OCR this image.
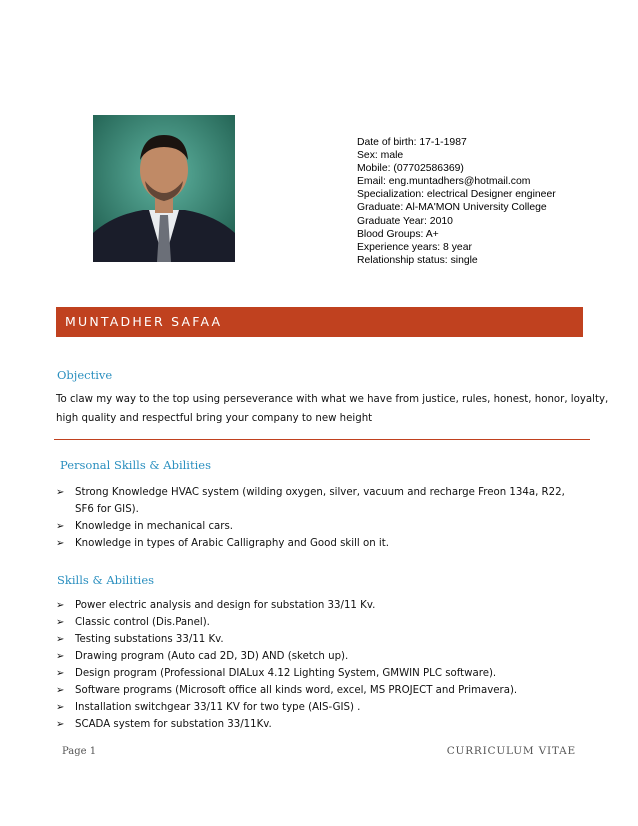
Date of birth: 17-1-1987
Sex: male
Mobile: (07702586369)
Email: eng.muntadhers@hotmail.com
Specialization: electrical Designer engineer
Graduate: Al-MA'MON University College
Graduate Year: 2010
Blood Groups: A+
Experience years: 8 year
Relationship status: single
MUNTADHER SAFAA
Objective
To claw my way to the top using perseverance with what we have from justice, rules, honest, honor, loyalty,
high quality and respectful bring your company to new height
Personal Skills & Abilities
➢ Strong Knowledge HVAC system (wilding oxygen, silver, vacuum and recharge Freon 134a, R22, SF6 for GIS).
➢ Knowledge in mechanical cars.
➢ Knowledge in types of Arabic Calligraphy and Good skill on it.
Skills & Abilities
➢ Power electric analysis and design for substation 33/11 Kv.
➢ Classic control (Dis.Panel).
➢ Testing substations 33/11 Kv.
➢ Drawing program (Auto cad 2D, 3D) AND (sketch up).
➢ Design program (Professional DIALux 4.12 Lighting System, GMWIN PLC software).
➢ Software programs (Microsoft office all kinds word, excel, MS PROJECT and Primavera).
➢ Installation switchgear 33/11 KV for two type (AIS-GIS) .
➢ SCADA system for substation 33/11Kv.
Page 1	CURRICULUM VITAE
